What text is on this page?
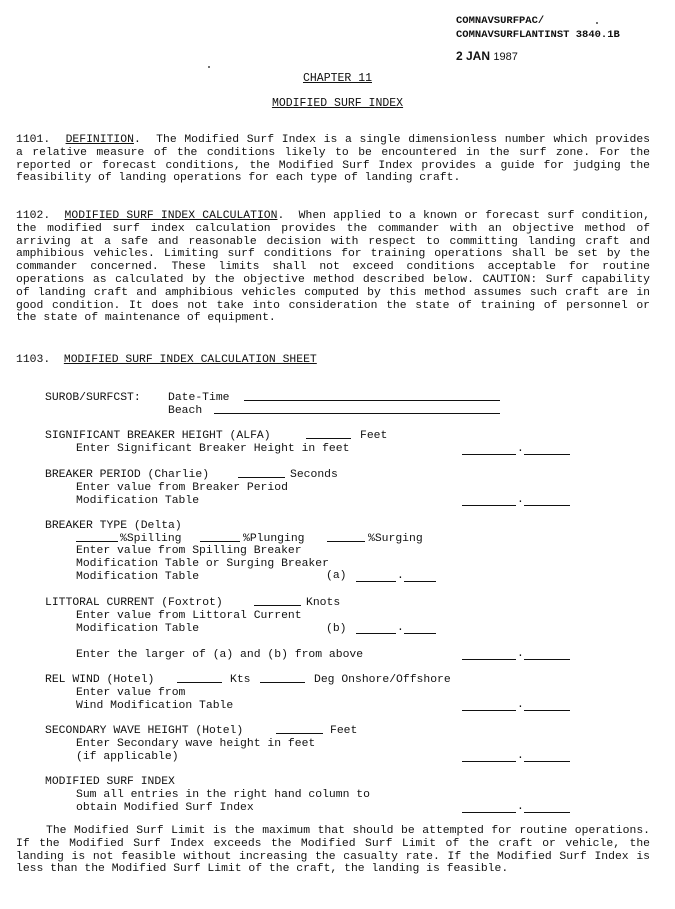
COMNAVSURFPAC/
COMNAVSURFLANTINST 3840.1B
2 JAN 1987
CHAPTER 11
MODIFIED SURF INDEX

1101. DEFINITION.  The Modified Surf Index is a single dimensionless number which provides a relative measure of the conditions likely to be encountered in the surf zone. For the reported or forecast conditions, the Modified Surf Index provides a guide for judging the feasibility of landing operations for each type of landing craft.

1102. MODIFIED SURF INDEX CALCULATION.  When applied to a known or forecast surf condition, the modified surf index calculation provides the commander with an objective method of arriving at a safe and reasonable decision with respect to committing landing craft and amphibious vehicles. Limiting surf conditions for training operations shall be set by the commander concerned. These limits shall not exceed conditions acceptable for routine operations as calculated by the objective method described below. CAUTION: Surf capability of landing craft and amphibious vehicles computed by this method assumes such craft are in good condition. It does not take into consideration the state of training of personnel or the state of maintenance of equipment.

1103. MODIFIED SURF INDEX CALCULATION SHEET
SUROB/SURFCST: Date-Time
Beach
SIGNIFICANT BREAKER HEIGHT (ALFA)	Feet
Enter Significant Breaker Height in feet	.
BREAKER PERIOD (Charlie)	Seconds
Enter value from Breaker Period
Modification Table	.
BREAKER TYPE (Delta)
%Spilling	%Plunging	%Surging
Enter value from Spilling Breaker
Modification Table or Surging Breaker
Modification Table	(a)	.
LITTORAL CURRENT (Foxtrot)	Knots
Enter value from Littoral Current
Modification Table	(b)	.
Enter the larger of (a) and (b) from above	.
REL WIND (Hotel)	Kts	Deg Onshore/Offshore
Enter value from
Wind Modification Table	.
SECONDARY WAVE HEIGHT (Hotel)	Feet
Enter Secondary wave height in feet
(if applicable)	.
MODIFIED SURF INDEX
Sum all entries in the right hand column to
obtain Modified Surf Index	.

The Modified Surf Limit is the maximum that should be attempted for routine operations. If the Modified Surf Index exceeds the Modified Surf Limit of the craft or vehicle, the landing is not feasible without increasing the casualty rate. If the Modified Surf Index is less than the Modified Surf Limit of the craft, the landing is feasible.
